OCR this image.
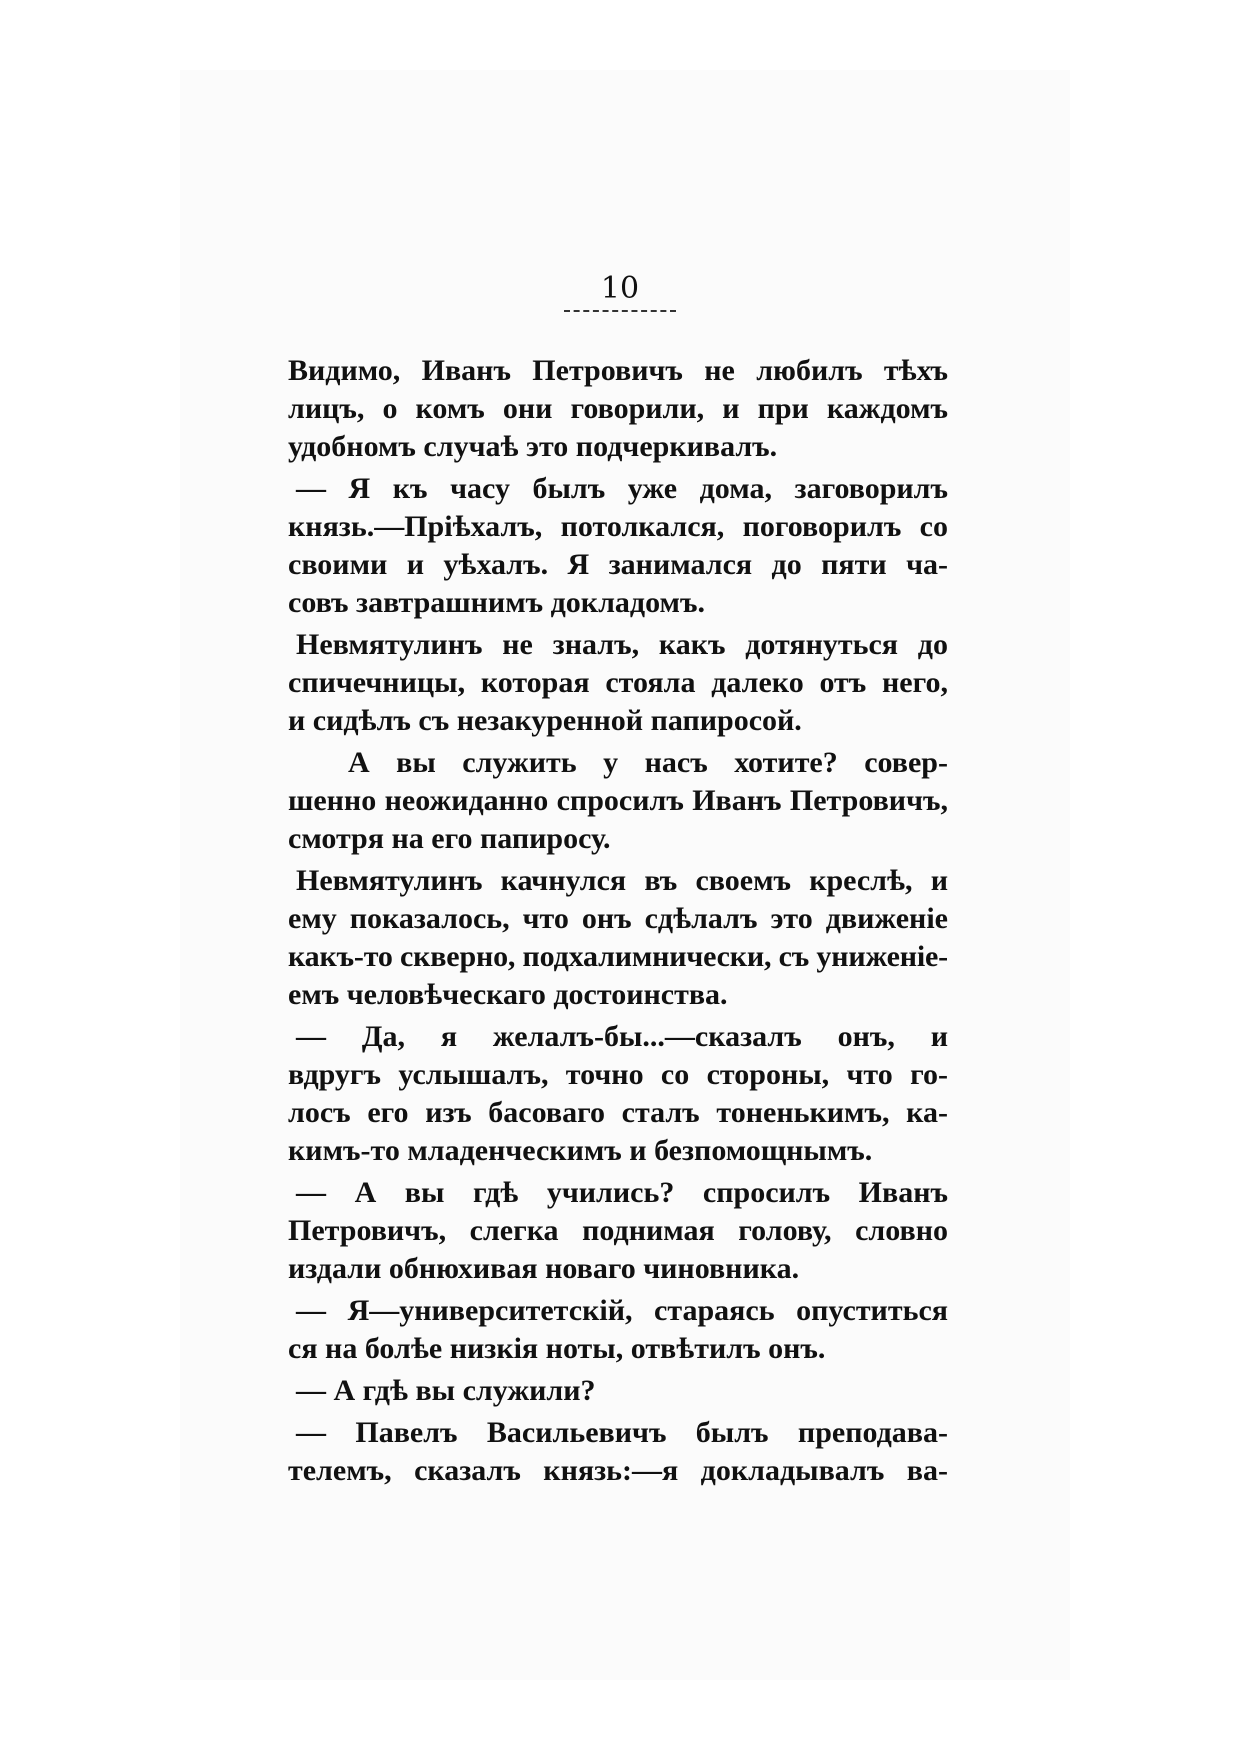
10
Видимо, Иванъ Петровичъ не любилъ тѣхъ
лицъ, о комъ они говорили, и при каждомъ
удобномъ случаѣ это подчеркивалъ.
— Я къ часу былъ уже дома, заговорилъ
князь.—Пріѣхалъ, потолкался, поговорилъ со
своими и уѣхалъ. Я занимался до пяти ча-
совъ завтрашнимъ докладомъ.
Невмятулинъ не зналъ, какъ дотянуться до
спичечницы, которая стояла далеко отъ него,
и сидѣлъ съ незакуренной папиросой.
А вы служить у насъ хотите? совер-
шенно неожиданно спросилъ Иванъ Петровичъ,
смотря на его папиросу.
Невмятулинъ качнулся въ своемъ креслѣ, и
ему показалось, что онъ сдѣлалъ это движеніе
какъ-то скверно, подхалимнически, съ униженіе-
емъ человѣческаго достоинства.
— Да, я желалъ-бы...—сказалъ онъ, и
вдругъ услышалъ, точно со стороны, что го-
лосъ его изъ басоваго сталъ тоненькимъ, ка-
кимъ-то младенческимъ и безпомощнымъ.
— А вы гдѣ учились? спросилъ Иванъ
Петровичъ, слегка поднимая голову, словно
издали обнюхивая новаго чиновника.
— Я—университетскій, стараясь опуститься
ся на болѣе низкія ноты, отвѣтилъ онъ.
— А гдѣ вы служили?
— Павелъ Васильевичъ былъ преподава-
телемъ, сказалъ князь:—я докладывалъ ва-
